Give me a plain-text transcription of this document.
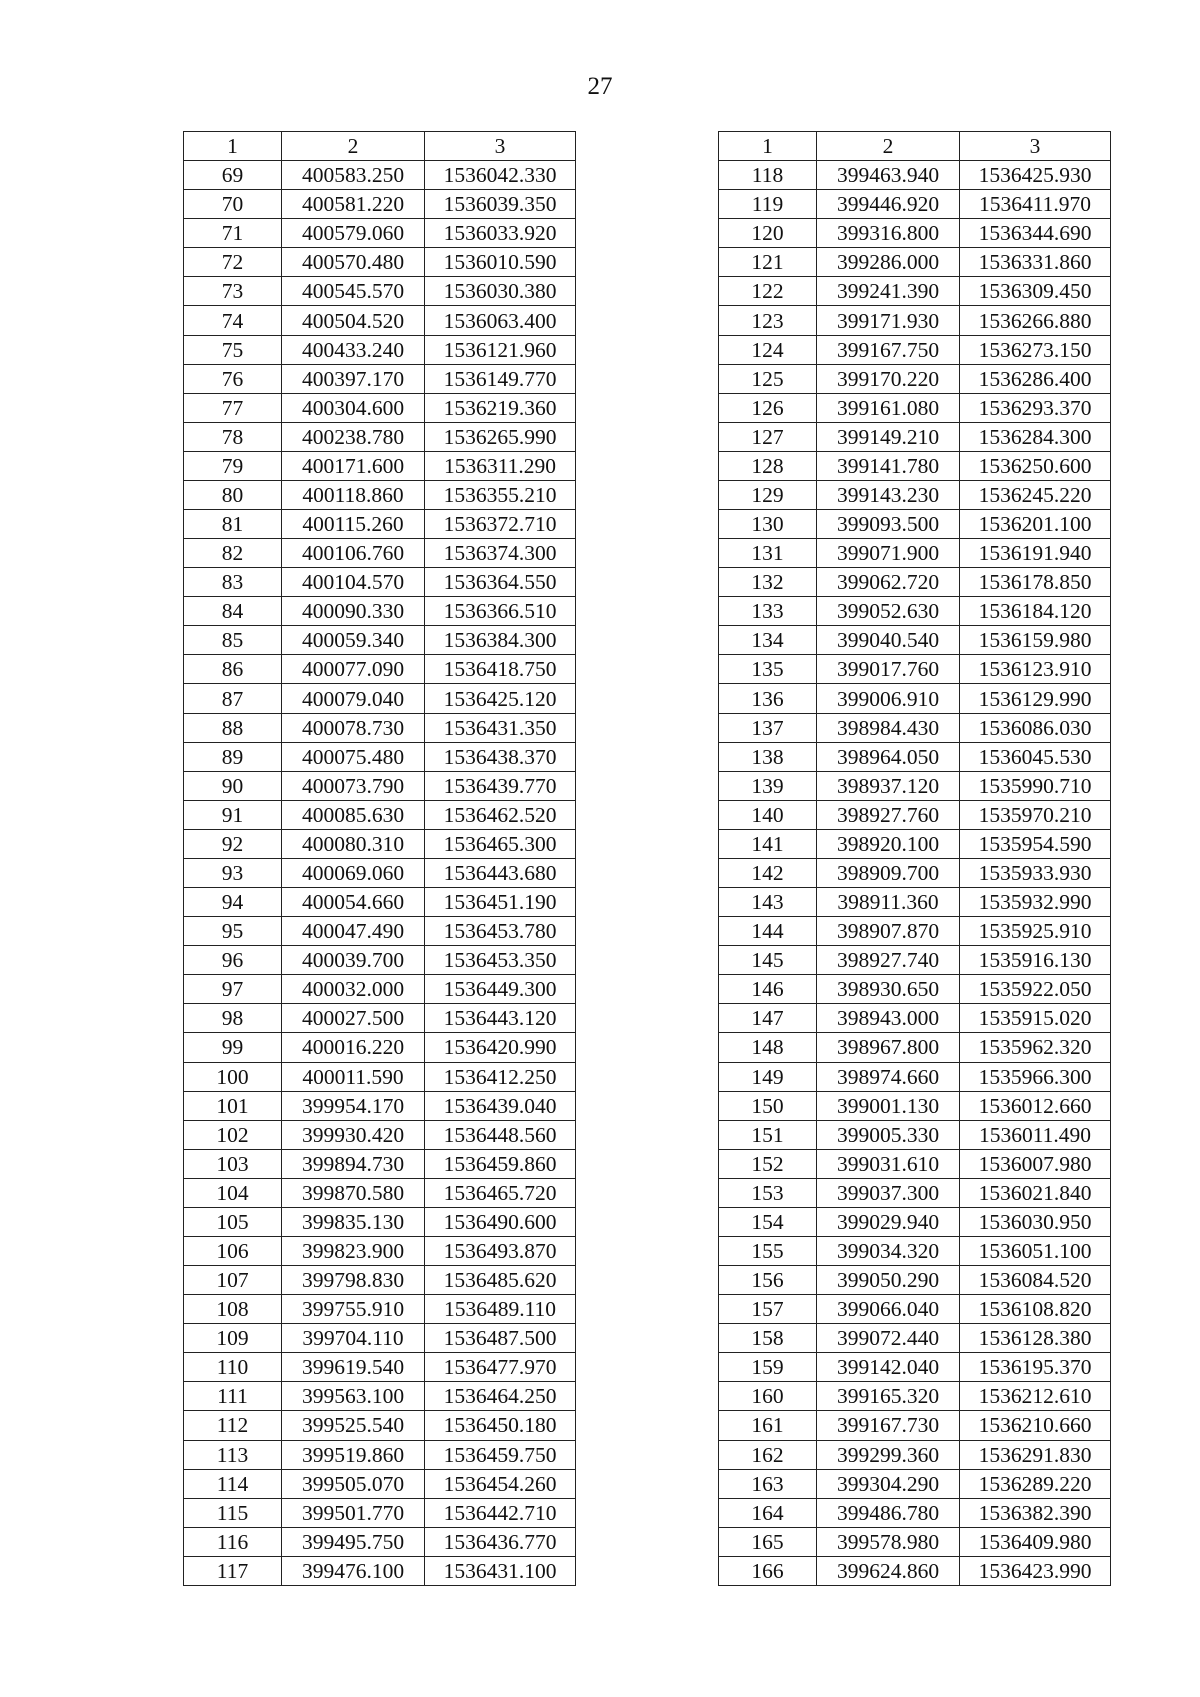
27
1	2	3
69	400583.250	1536042.330
70	400581.220	1536039.350
71	400579.060	1536033.920
72	400570.480	1536010.590
73	400545.570	1536030.380
74	400504.520	1536063.400
75	400433.240	1536121.960
76	400397.170	1536149.770
77	400304.600	1536219.360
78	400238.780	1536265.990
79	400171.600	1536311.290
80	400118.860	1536355.210
81	400115.260	1536372.710
82	400106.760	1536374.300
83	400104.570	1536364.550
84	400090.330	1536366.510
85	400059.340	1536384.300
86	400077.090	1536418.750
87	400079.040	1536425.120
88	400078.730	1536431.350
89	400075.480	1536438.370
90	400073.790	1536439.770
91	400085.630	1536462.520
92	400080.310	1536465.300
93	400069.060	1536443.680
94	400054.660	1536451.190
95	400047.490	1536453.780
96	400039.700	1536453.350
97	400032.000	1536449.300
98	400027.500	1536443.120
99	400016.220	1536420.990
100	400011.590	1536412.250
101	399954.170	1536439.040
102	399930.420	1536448.560
103	399894.730	1536459.860
104	399870.580	1536465.720
105	399835.130	1536490.600
106	399823.900	1536493.870
107	399798.830	1536485.620
108	399755.910	1536489.110
109	399704.110	1536487.500
110	399619.540	1536477.970
111	399563.100	1536464.250
112	399525.540	1536450.180
113	399519.860	1536459.750
114	399505.070	1536454.260
115	399501.770	1536442.710
116	399495.750	1536436.770
117	399476.100	1536431.100
1	2	3
118	399463.940	1536425.930
119	399446.920	1536411.970
120	399316.800	1536344.690
121	399286.000	1536331.860
122	399241.390	1536309.450
123	399171.930	1536266.880
124	399167.750	1536273.150
125	399170.220	1536286.400
126	399161.080	1536293.370
127	399149.210	1536284.300
128	399141.780	1536250.600
129	399143.230	1536245.220
130	399093.500	1536201.100
131	399071.900	1536191.940
132	399062.720	1536178.850
133	399052.630	1536184.120
134	399040.540	1536159.980
135	399017.760	1536123.910
136	399006.910	1536129.990
137	398984.430	1536086.030
138	398964.050	1536045.530
139	398937.120	1535990.710
140	398927.760	1535970.210
141	398920.100	1535954.590
142	398909.700	1535933.930
143	398911.360	1535932.990
144	398907.870	1535925.910
145	398927.740	1535916.130
146	398930.650	1535922.050
147	398943.000	1535915.020
148	398967.800	1535962.320
149	398974.660	1535966.300
150	399001.130	1536012.660
151	399005.330	1536011.490
152	399031.610	1536007.980
153	399037.300	1536021.840
154	399029.940	1536030.950
155	399034.320	1536051.100
156	399050.290	1536084.520
157	399066.040	1536108.820
158	399072.440	1536128.380
159	399142.040	1536195.370
160	399165.320	1536212.610
161	399167.730	1536210.660
162	399299.360	1536291.830
163	399304.290	1536289.220
164	399486.780	1536382.390
165	399578.980	1536409.980
166	399624.860	1536423.990
